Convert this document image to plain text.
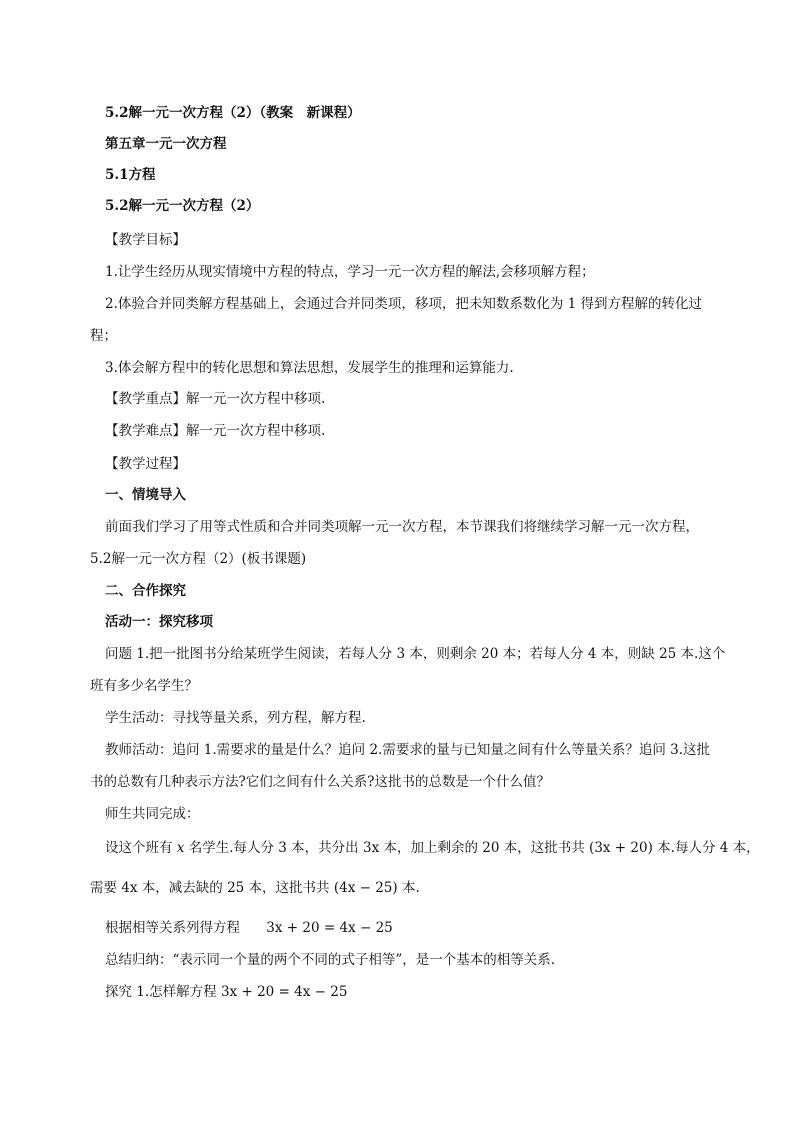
5.2解一元一次方程（2）（教案　新课程）
第五章一元一次方程
5.1方程
5.2解一元一次方程（2）
【教学目标】
1.让学生经历从现实情境中方程的特点，学习一元一次方程的解法,会移项解方程；
2.体验合并同类解方程基础上，会通过合并同类项，移项，把未知数系数化为 1 得到方程解的转化过
程；
3.体会解方程中的转化思想和算法思想，发展学生的推理和运算能力.
【教学重点】解一元一次方程中移项.
【教学难点】解一元一次方程中移项.
【教学过程】
一、情境导入
前面我们学习了用等式性质和合并同类项解一元一次方程，本节课我们将继续学习解一元一次方程，
5.2解一元一次方程（2）(板书课题)
二、合作探究
活动一：探究移项
问题 1.把一批图书分给某班学生阅读，若每人分 3 本，则剩余 20 本；若每人分 4 本，则缺 25 本.这个
班有多少名学生？
学生活动：寻找等量关系，列方程，解方程.
教师活动：追问 1.需要求的量是什么？追问 2.需要求的量与已知量之间有什么等量关系？追问 3.这批
书的总数有几种表示方法?它们之间有什么关系?这批书的总数是一个什么值？
师生共同完成：
设这个班有 x 名学生.每人分 3 本，共分出 3x 本，加上剩余的 20 本，这批书共 (3x + 20) 本.每人分 4 本，
需要 4x 本，减去缺的 25 本，这批书共 (4x − 25) 本.
根据相等关系列得方程 3x + 20 = 4x − 25
总结归纳：“表示同一个量的两个不同的式子相等”，是一个基本的相等关系.
探究 1.怎样解方程 3x + 20 = 4x − 25
